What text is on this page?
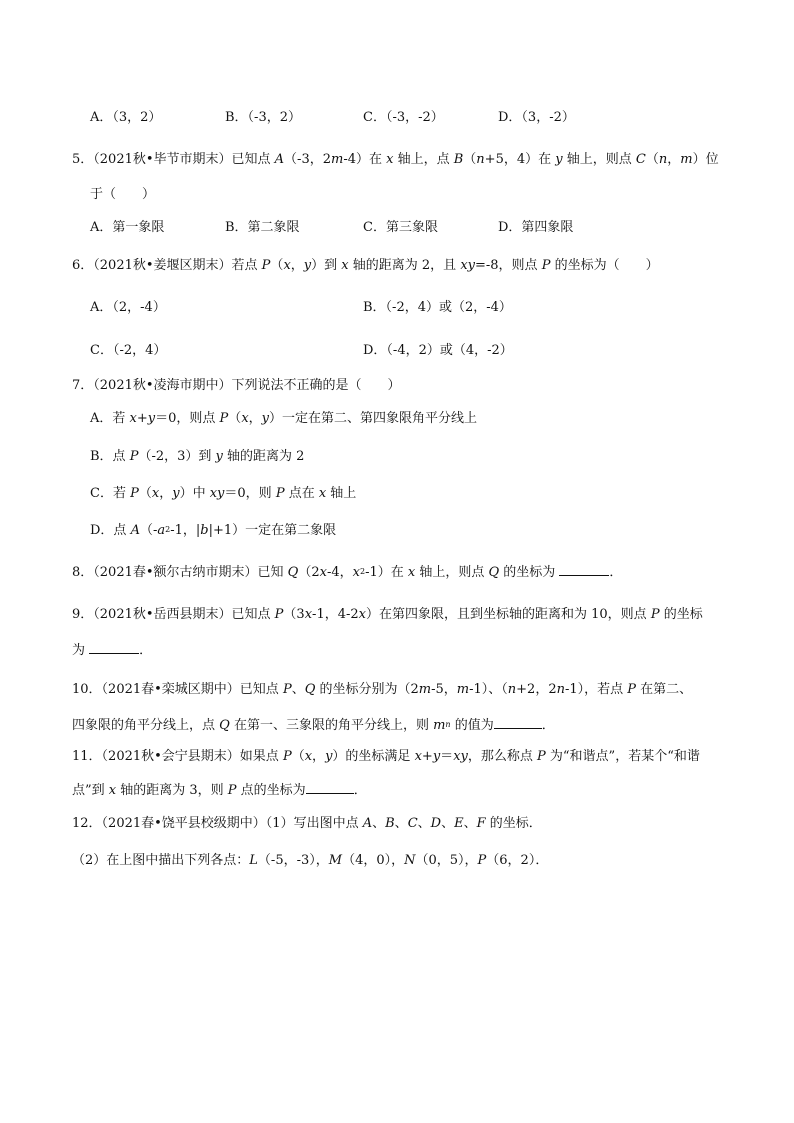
A．（3，2）	B．（-3，2）	C．（-3，-2）	D．（3，-2）
5．（2021秋•毕节市期末）已知点 A（-3，2m-4）在 x 轴上，点 B（n+5，4）在 y 轴上，则点 C（n，m）位
于（　　）
A．第一象限	B．第二象限	C．第三象限	D．第四象限
6．（2021秋•姜堰区期末）若点 P（x，y）到 x 轴的距离为 2，且 xy=-8，则点 P 的坐标为（　　）
A．（2，-4）	B．（-2，4）或（2，-4）
C．（-2，4）	D．（-4，2）或（4，-2）
7．（2021秋•凌海市期中）下列说法不正确的是（　　）
A．若 x+y＝0，则点 P（x，y）一定在第二、第四象限角平分线上
B．点 P（-2，3）到 y 轴的距离为 2
C．若 P（x，y）中 xy＝0，则 P 点在 x 轴上
D．点 $A(-a^2-1$，|b|+1）一定在第二象限
8．（2021春•额尔古纳市期末）已知 Q（2x-4，$x^2-1$）在 x 轴上，则点 Q 的坐标为	．
9．（2021秋•岳西县期末）已知点 P（3x-1，4-2x）在第四象限，且到坐标轴的距离和为 10，则点 P 的坐标
为	．
10．（2021春•栾城区期中）已知点 P、Q 的坐标分别为（2m-5，m-1）、（n+2，2n-1），若点 P 在第二、
四象限的角平分线上，点 Q 在第一、三象限的角平分线上，则 $m^n$ 的值为	．
11．（2021秋•会宁县期末）如果点 P（x，y）的坐标满足 x+y＝xy，那么称点 P 为“和谐点”，若某个“和谐
点”到 x 轴的距离为 3，则 P 点的坐标为	．
12．（2021春•饶平县校级期中）（1）写出图中点 A、B、C、D、E、F 的坐标．
（2）在上图中描出下列各点：L（-5，-3），M（4，0），N（0，5），P（6，2）．
